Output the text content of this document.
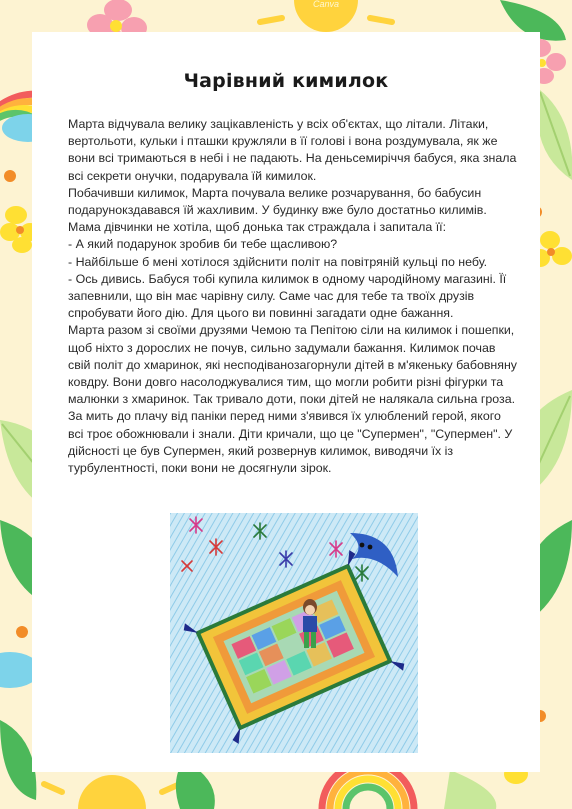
Canva
Чарівний кимилок

Марта відчувала велику зацікавленість у всіх об'єктах, що літали. Літаки, вертольоти, кульки і пташки кружляли в її голові і вона роздумувала, як же вони всі тримаються в небі і не падають. На деньсемиріччя бабуся, яка знала всі секрети онучки, подарувала їй кимилок.

Побачивши килимок, Марта почувала велике розчарування, бо бабусин подарунокздавався їй жахливим. У будинку вже було достатньо килимів. Мама дівчинки не хотіла, щоб донька так страждала і запитала її:

- А який подарунок зробив би тебе щасливою?

- Найбільше б мені хотілося здійснити політ на повітряній кульці по небу.

- Ось дивись. Бабуся тобі купила килимок в одному чародійному магазині. Її запевнили, що він має чарівну силу. Саме час для тебе та твоїх друзів спробувати його дію. Для цього ви повинні загадати одне бажання.

Марта разом зі своїми друзями Чемою та Пепітою сіли на килимок і пошепки, щоб ніхто з дорослих не почув, сильно задумали бажання. Килимок почав свій політ до хмаринок, які несподіванозагорнули дітей в м'якеньку бабовняну ковдру. Вони довго насолоджувалися тим, що могли робити різні фігурки та малюнки з хмаринок. Так тривало доти, поки дітей не налякала сильна гроза. За мить до плачу від паніки перед ними з'явився їх улюблений герой, якого всі троє обожнювали і знали. Діти кричали, що це "Супермен", "Супермен". У дійсності це був Супермен, який розвернув килимок, виводячи їх із турбулентності, поки вони не досягнули зірок.
